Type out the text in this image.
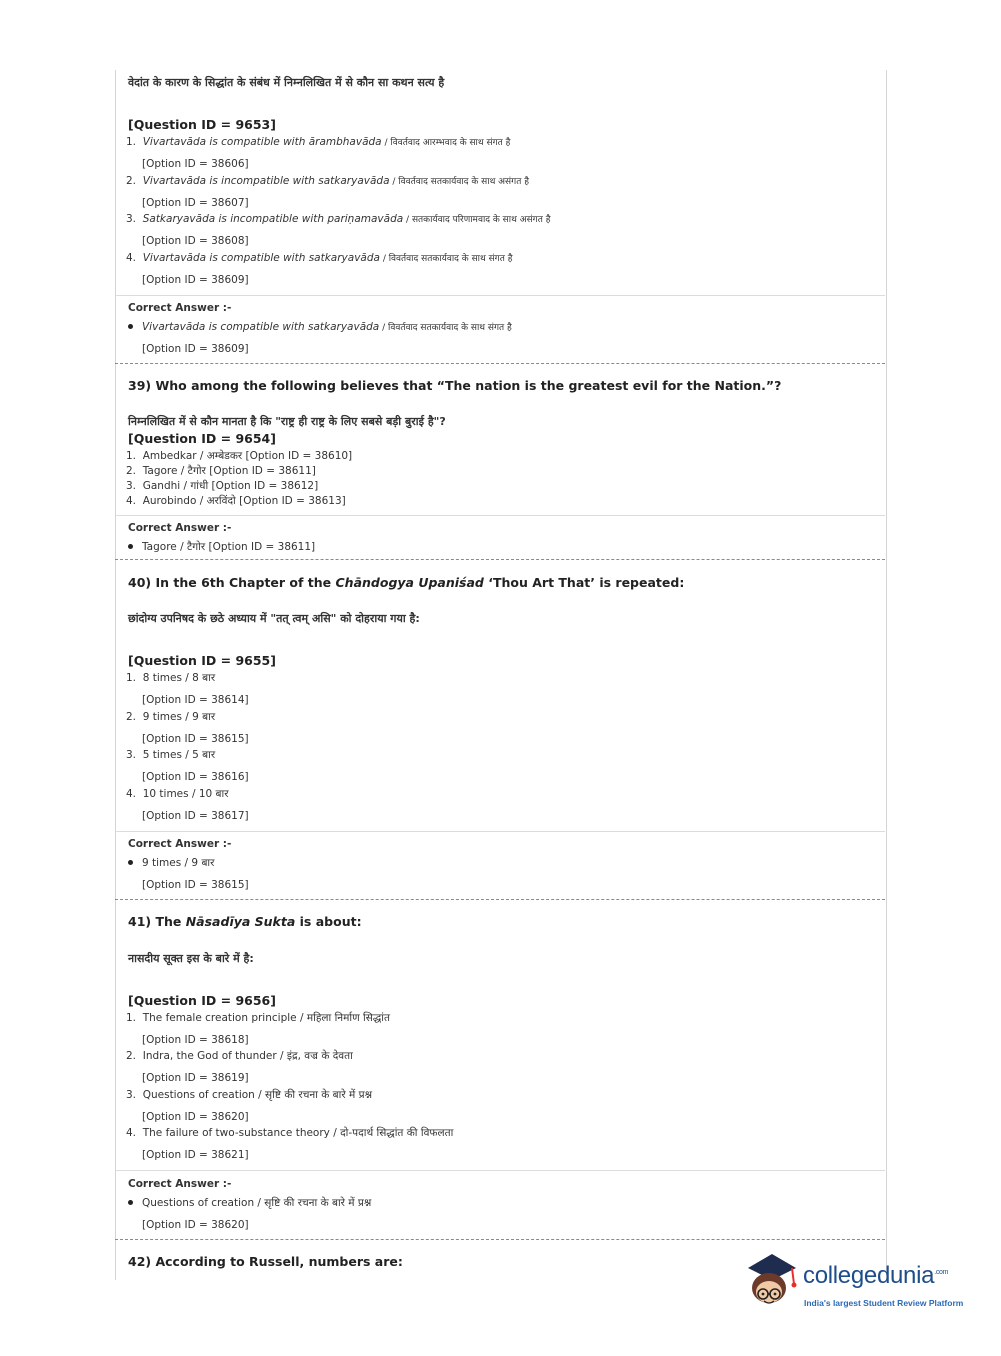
वेदांत के कारण के सिद्धांत के संबंध में निम्नलिखित में से कौन सा कथन सत्य है
[Question ID = 9653]
1. Vivartavāda is compatible with ārambhavāda / विवर्तवाद आरम्भवाद के साथ संगत है
[Option ID = 38606]
2. Vivartavāda is incompatible with satkaryavāda / विवर्तवाद सतकार्यवाद के साथ असंगत है
[Option ID = 38607]
3. Satkaryavāda is incompatible with pariṇamavāda / सतकार्यवाद परिणामवाद के साथ असंगत है
[Option ID = 38608]
4. Vivartavāda is compatible with satkaryavāda / विवर्तवाद सतकार्यवाद के साथ संगत है
[Option ID = 38609]
Correct Answer :-
Vivartavāda is compatible with satkaryavāda / विवर्तवाद सतकार्यवाद के साथ संगत है
[Option ID = 38609]
39) Who among the following believes that “The nation is the greatest evil for the Nation.”?
निम्नलिखित में से कौन मानता है कि "राष्ट्र ही राष्ट्र के लिए सबसे बड़ी बुराई है"?
[Question ID = 9654]
1. Ambedkar / अम्बेडकर [Option ID = 38610]
2. Tagore / टैगोर [Option ID = 38611]
3. Gandhi / गांधी [Option ID = 38612]
4. Aurobindo / अरविंदो [Option ID = 38613]
Correct Answer :-
Tagore / टैगोर [Option ID = 38611]
40) In the 6th Chapter of the Chāndogya Upaniśad ‘Thou Art That’ is repeated:
छांदोग्य उपनिषद के छठे अध्याय में "तत् त्वम् असि" को दोहराया गया है:
[Question ID = 9655]
1. 8 times / 8 बार
[Option ID = 38614]
2. 9 times / 9 बार
[Option ID = 38615]
3. 5 times / 5 बार
[Option ID = 38616]
4. 10 times / 10 बार
[Option ID = 38617]
Correct Answer :-
9 times / 9 बार
[Option ID = 38615]
41) The Nāsadīya Sukta is about:
नासदीय सूक्त इस के बारे में है:
[Question ID = 9656]
1. The female creation principle / महिला निर्माण सिद्धांत
[Option ID = 38618]
2. Indra, the God of thunder / इंद्र, वज्र के देवता
[Option ID = 38619]
3. Questions of creation / सृष्टि की रचना के बारे में प्रश्न
[Option ID = 38620]
4. The failure of two-substance theory / दो-पदार्थ सिद्धांत की विफलता
[Option ID = 38621]
Correct Answer :-
Questions of creation / सृष्टि की रचना के बारे में प्रश्न
[Option ID = 38620]
42) According to Russell, numbers are:
collegedunia$^{.com}$
India's largest Student Review Platform
